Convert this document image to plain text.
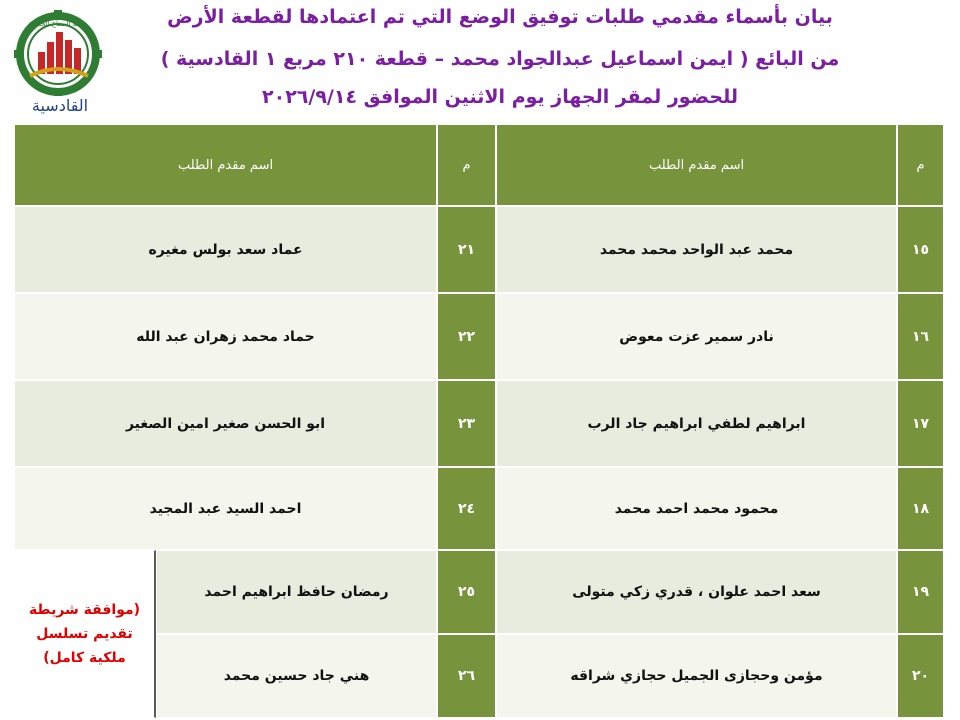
مدينة الصناع الجديدة
القادسية
بيان بأسماء مقدمي طلبات توفيق الوضع التي تم اعتمادها لقطعة الأرض
من البائع ( ايمن اسماعيل عبدالجواد محمد – قطعة ٢١٠ مربع ١ القادسية )
للحضور لمقر الجهاز يوم الاثنين الموافق ٢٠٢٦/٩/١٤
م
اسم مقدم الطلب
م
اسم مقدم الطلب
١٥
محمد عبد الواحد محمد محمد
٢١
عماد سعد بولس مغيره
١٦
نادر سمير عزت معوض
٢٢
حماد محمد زهران عبد الله
١٧
ابراهيم لطفي ابراهيم جاد الرب
٢٣
ابو الحسن صغير امين الصغير
١٨
محمود محمد احمد محمد
٢٤
احمد السيد عبد المجيد
١٩
سعد احمد علوان ، قدري زكي متولى
٢٥
رمضان حافظ ابراهيم احمد
٢٠
مؤمن وحجازى الجميل حجازي شراقه
٢٦
هني جاد حسين محمد
(موافقة شريطة
تقديم تسلسل
ملكية كامل)
